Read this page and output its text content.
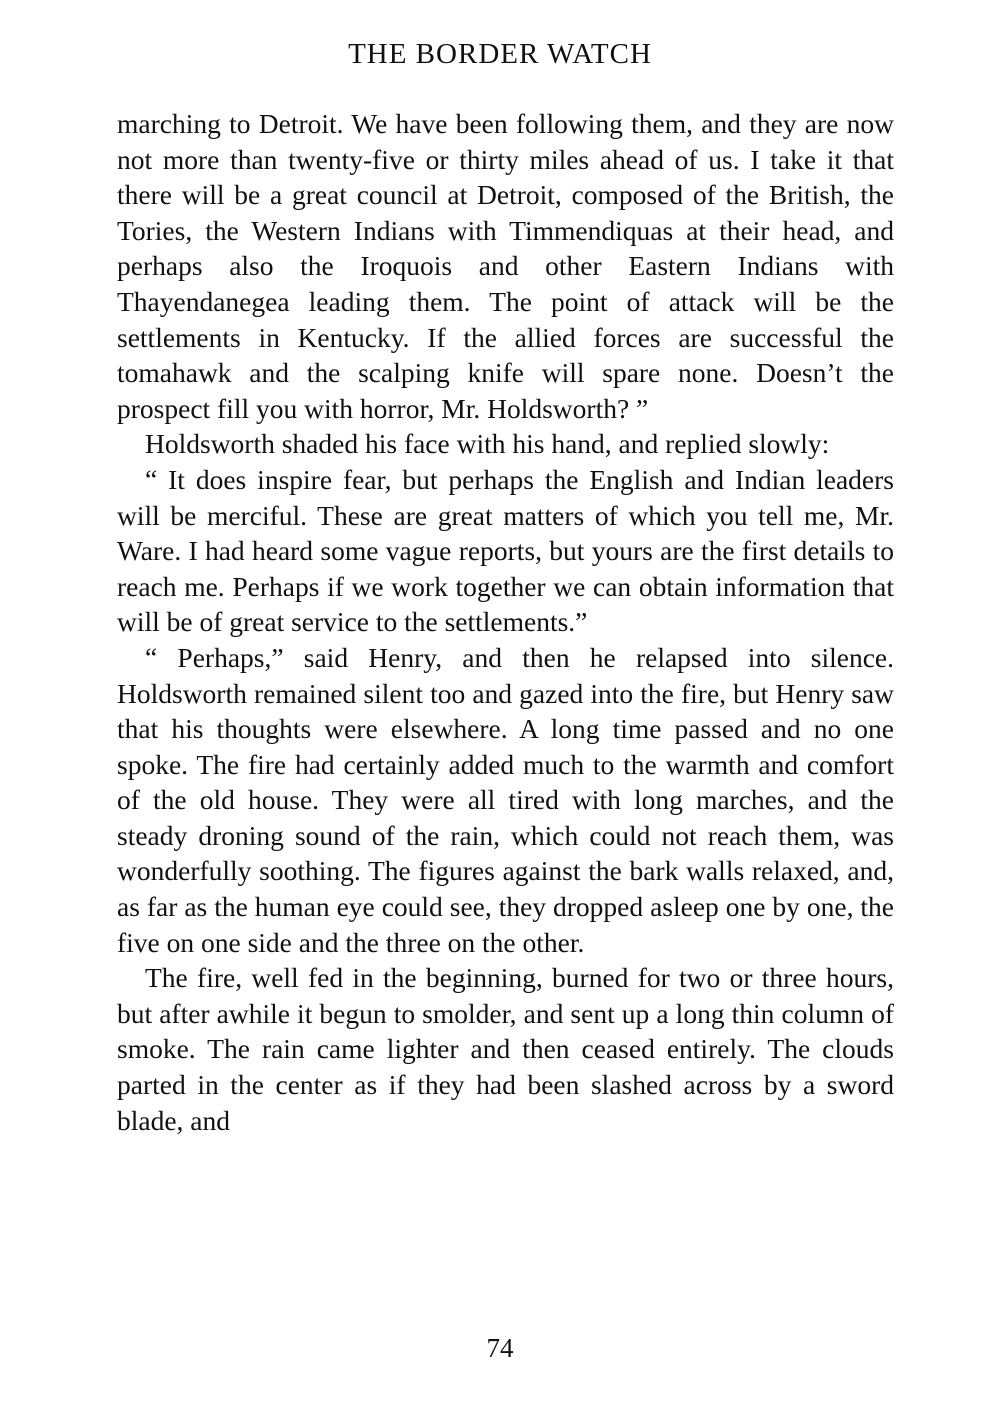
THE BORDER WATCH

marching to Detroit. We have been following them, and they are now not more than twenty-five or thirty miles ahead of us. I take it that there will be a great council at Detroit, composed of the British, the Tories, the Western Indians with Timmendiquas at their head, and perhaps also the Iroquois and other Eastern Indians with Thayendanegea leading them. The point of attack will be the settlements in Kentucky. If the allied forces are successful the tomahawk and the scalping knife will spare none. Doesn’t the prospect fill you with horror, Mr. Holdsworth? ”

Holdsworth shaded his face with his hand, and replied slowly:

“ It does inspire fear, but perhaps the English and Indian leaders will be merciful. These are great matters of which you tell me, Mr. Ware. I had heard some vague reports, but yours are the first details to reach me. Perhaps if we work together we can obtain information that will be of great service to the settlements.”

“ Perhaps,” said Henry, and then he relapsed into silence. Holdsworth remained silent too and gazed into the fire, but Henry saw that his thoughts were elsewhere. A long time passed and no one spoke. The fire had certainly added much to the warmth and comfort of the old house. They were all tired with long marches, and the steady droning sound of the rain, which could not reach them, was wonderfully soothing. The figures against the bark walls relaxed, and, as far as the human eye could see, they dropped asleep one by one, the five on one side and the three on the other.

The fire, well fed in the beginning, burned for two or three hours, but after awhile it begun to smolder, and sent up a long thin column of smoke. The rain came lighter and then ceased entirely. The clouds parted in the center as if they had been slashed across by a sword blade, and

74
